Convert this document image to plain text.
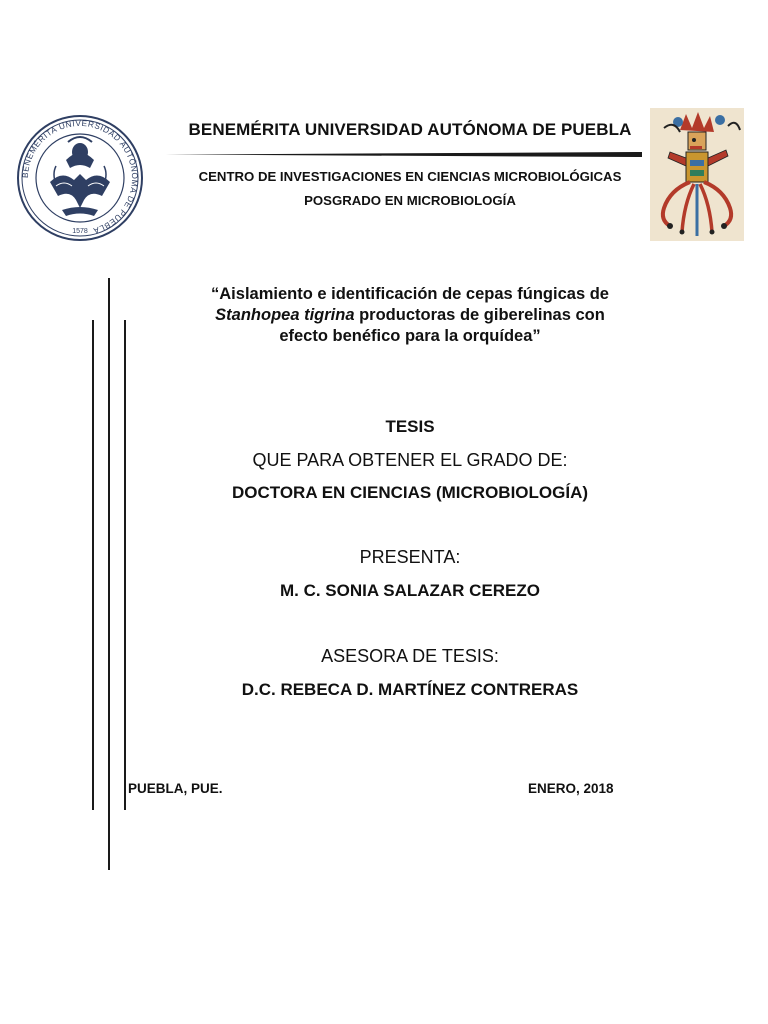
BENEMÉRITA UNIVERSIDAD AUTÓNOMA DE PUEBLA
1578
BENEMÉRITA UNIVERSIDAD AUTÓNOMA DE PUEBLA
CENTRO DE INVESTIGACIONES EN CIENCIAS MICROBIOLÓGICAS
POSGRADO EN MICROBIOLOGÍA
“Aislamiento e identificación de cepas fúngicas de
Stanhopea tigrina productoras de giberelinas con
efecto benéfico para la orquídea”
TESIS
QUE PARA OBTENER EL GRADO DE:
DOCTORA EN CIENCIAS (MICROBIOLOGÍA)
PRESENTA:
M. C. SONIA SALAZAR CEREZO
ASESORA DE TESIS:
D.C. REBECA D. MARTÍNEZ CONTRERAS
PUEBLA, PUE.	ENERO, 2018
